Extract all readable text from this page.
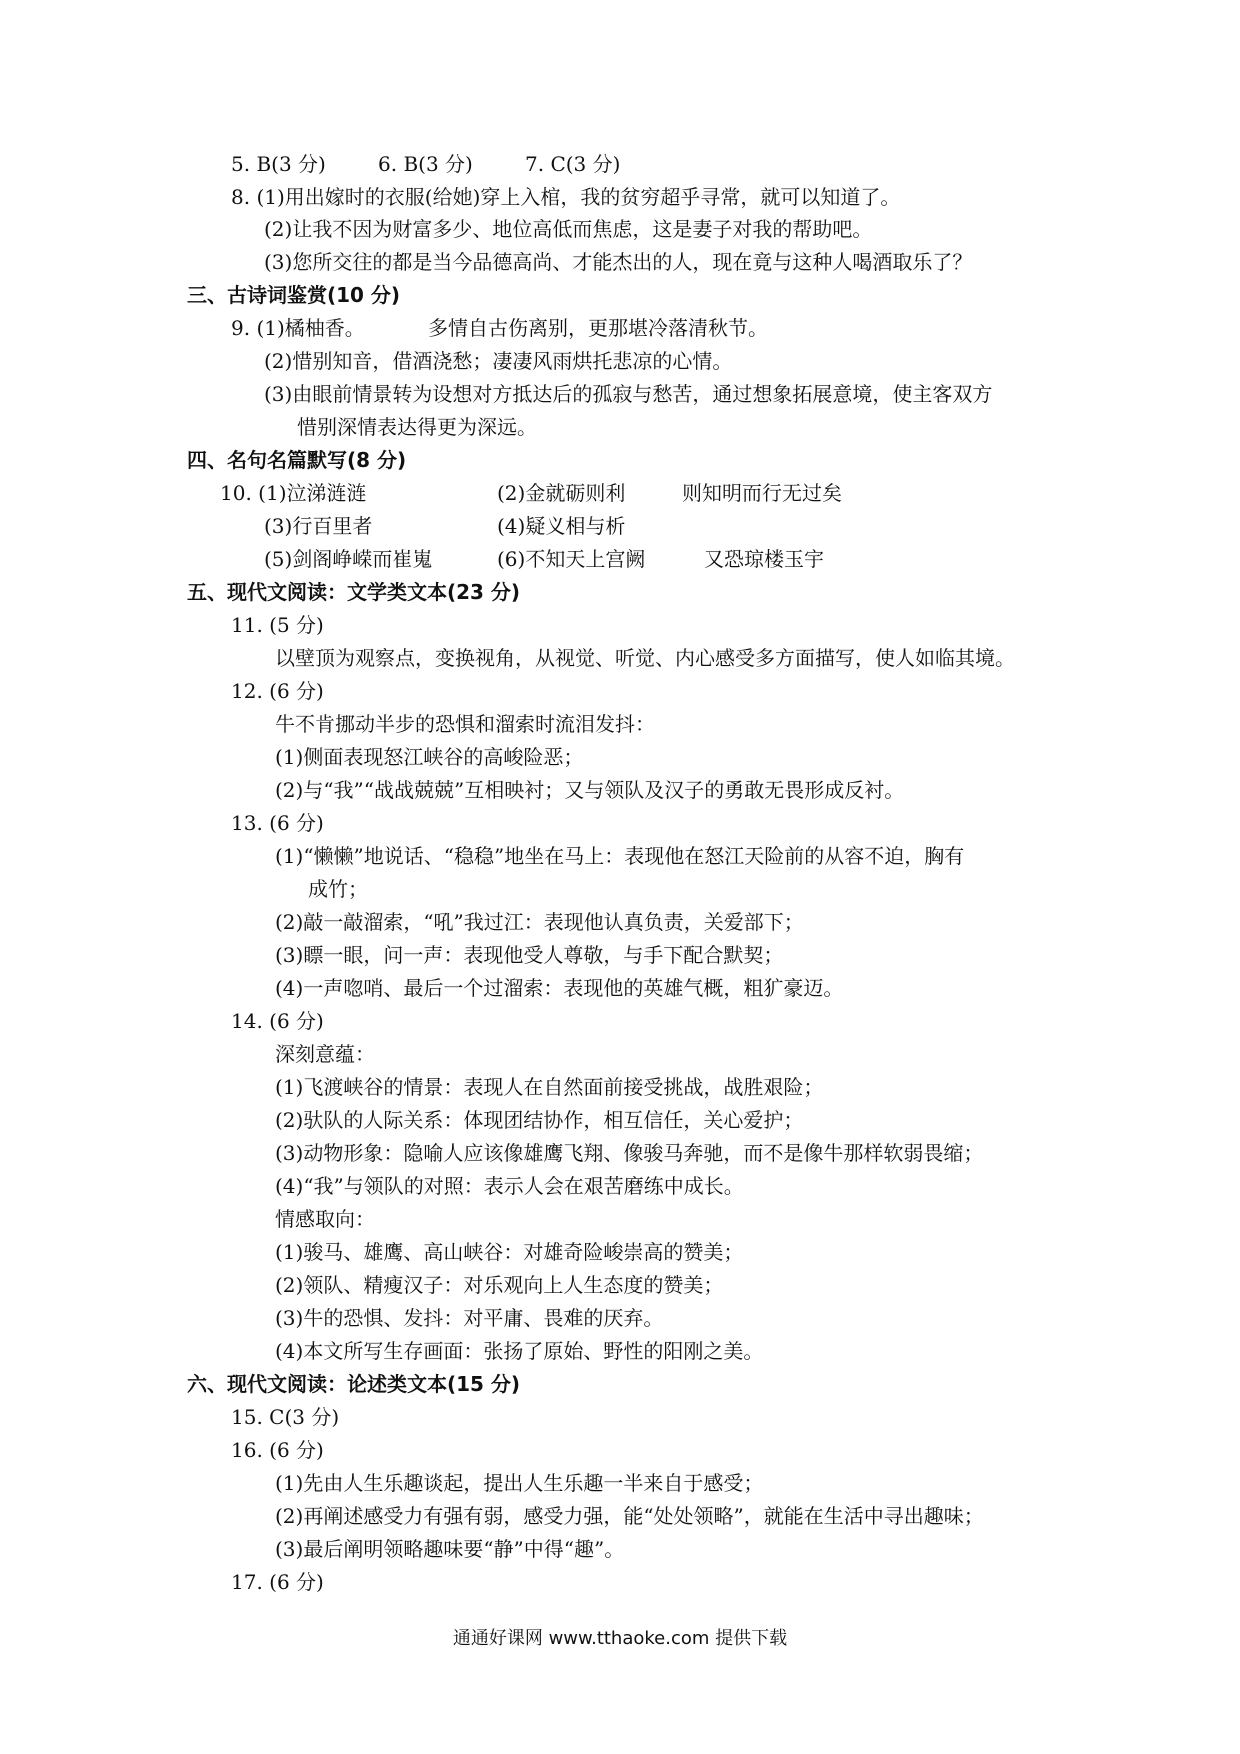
5. B(3 分)	6. B(3 分)	7. C(3 分)
8. (1)用出嫁时的衣服(给她)穿上入棺，我的贫穷超乎寻常，就可以知道了。
(2)让我不因为财富多少、地位高低而焦虑，这是妻子对我的帮助吧。
(3)您所交往的都是当今品德高尚、才能杰出的人，现在竟与这种人喝酒取乐了？
三、古诗词鉴赏(10 分)
9. (1)橘柚香。	多情自古伤离别，更那堪冷落清秋节。
(2)惜别知音，借酒浇愁；凄凄风雨烘托悲凉的心情。
(3)由眼前情景转为设想对方抵达后的孤寂与愁苦，通过想象拓展意境，使主客双方
惜别深情表达得更为深远。
四、名句名篇默写(8 分)
10. (1)泣涕涟涟	(2)金就砺则利	则知明而行无过矣
(3)行百里者	(4)疑义相与析
(5)剑阁峥嵘而崔嵬	(6)不知天上宫阙	又恐琼楼玉宇
五、现代文阅读：文学类文本(23 分)
11. (5 分)
以壁顶为观察点，变换视角，从视觉、听觉、内心感受多方面描写，使人如临其境。
12. (6 分)
牛不肯挪动半步的恐惧和溜索时流泪发抖：
(1)侧面表现怒江峡谷的高峻险恶；
(2)与“我”“战战兢兢”互相映衬；又与领队及汉子的勇敢无畏形成反衬。
13. (6 分)
(1)“懒懒”地说话、“稳稳”地坐在马上：表现他在怒江天险前的从容不迫，胸有
成竹；
(2)敲一敲溜索，“吼”我过江：表现他认真负责，关爱部下；
(3)瞟一眼，问一声：表现他受人尊敬，与手下配合默契；
(4)一声唿哨、最后一个过溜索：表现他的英雄气概，粗犷豪迈。
14. (6 分)
深刻意蕴：
(1)飞渡峡谷的情景：表现人在自然面前接受挑战，战胜艰险；
(2)驮队的人际关系：体现团结协作，相互信任，关心爱护；
(3)动物形象：隐喻人应该像雄鹰飞翔、像骏马奔驰，而不是像牛那样软弱畏缩；
(4)“我”与领队的对照：表示人会在艰苦磨练中成长。
情感取向：
(1)骏马、雄鹰、高山峡谷：对雄奇险峻崇高的赞美；
(2)领队、精瘦汉子：对乐观向上人生态度的赞美；
(3)牛的恐惧、发抖：对平庸、畏难的厌弃。
(4)本文所写生存画面：张扬了原始、野性的阳刚之美。
六、现代文阅读：论述类文本(15 分)
15. C(3 分)
16. (6 分)
(1)先由人生乐趣谈起，提出人生乐趣一半来自于感受；
(2)再阐述感受力有强有弱，感受力强，能“处处领略”，就能在生活中寻出趣味；
(3)最后阐明领略趣味要“静”中得“趣”。
17. (6 分)
通通好课网 www.tthaoke.com 提供下载
